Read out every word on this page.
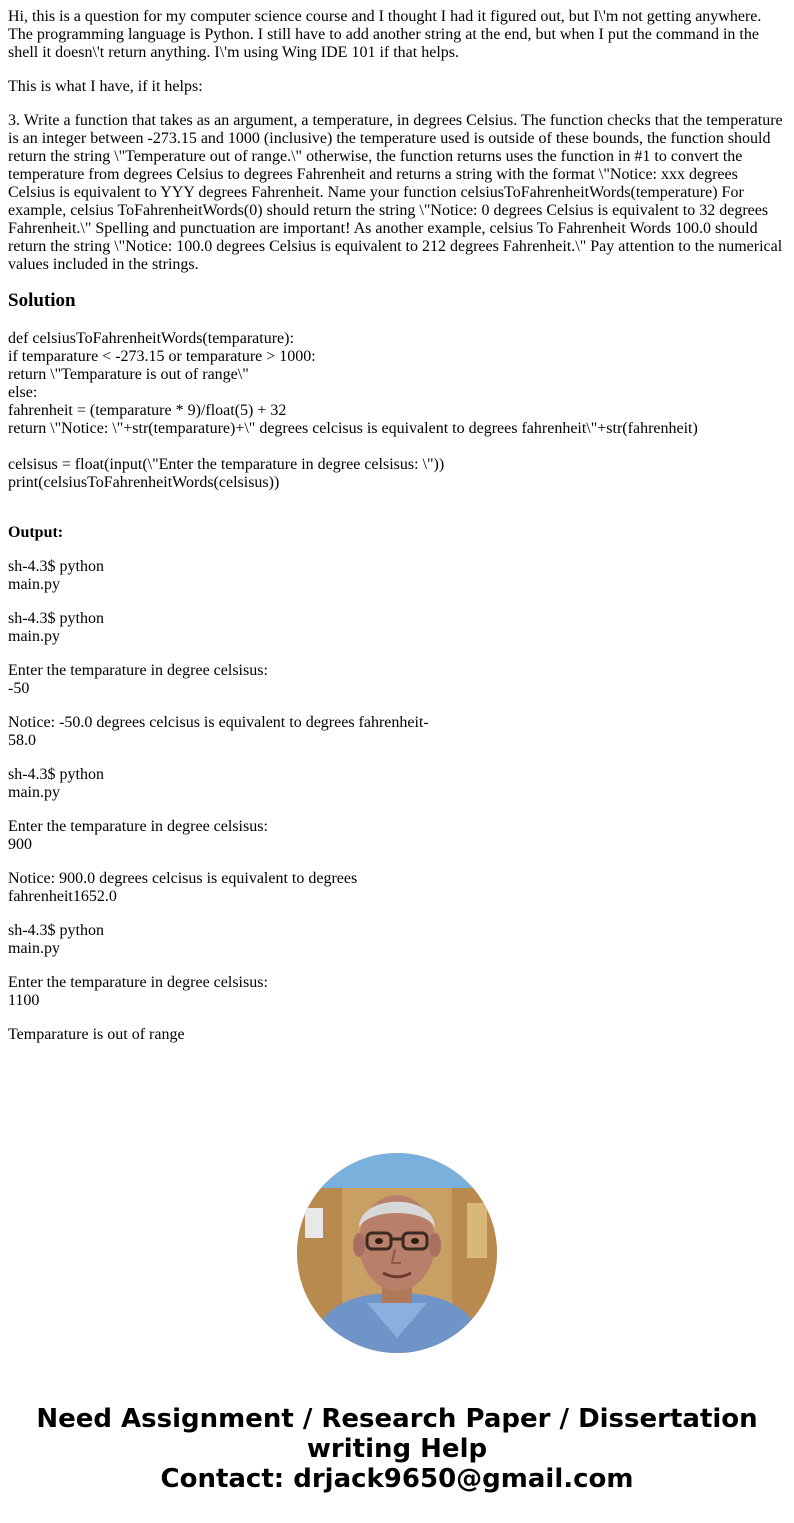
Hi, this is a question for my computer science course and I thought I had it figured out, but I\'m not getting anywhere. The programming language is Python. I still have to add another string at the end, but when I put the command in the shell it doesn\'t return anything. I\'m using Wing IDE 101 if that helps.

This is what I have, if it helps:

3. Write a function that takes as an argument, a temperature, in degrees Celsius. The function checks that the temperature is an integer between -273.15 and 1000 (inclusive) the temperature used is outside of these bounds, the function should return the string \"Temperature out of range.\" otherwise, the function returns uses the function in #1 to convert the temperature from degrees Celsius to degrees Fahrenheit and returns a string with the format \"Notice: xxx degrees Celsius is equivalent to YYY degrees Fahrenheit. Name your function celsiusToFahrenheitWords(temperature) For example, celsius ToFahrenheitWords(0) should return the string \"Notice: 0 degrees Celsius is equivalent to 32 degrees Fahrenheit.\" Spelling and punctuation are important! As another example, celsius To Fahrenheit Words 100.0 should return the string \"Notice: 100.0 degrees Celsius is equivalent to 212 degrees Fahrenheit.\" Pay attention to the numerical values included in the strings.

Solution
def celsiusToFahrenheitWords(temparature):
if temparature < -273.15 or temparature > 1000:
return \"Temparature is out of range\"
else:
fahrenheit = (temparature * 9)/float(5) + 32
return \"Notice: \"+str(temparature)+\" degrees celcisus is equivalent to degrees fahrenheit\"+str(fahrenheit)

celsisus = float(input(\"Enter the temparature in degree celsisus: \"))
print(celsiusToFahrenheitWords(celsisus))
Output:
sh-4.3$ python
main.py
sh-4.3$ python
main.py
Enter the temparature in degree celsisus:
-50
Notice: -50.0 degrees celcisus is equivalent to degrees fahrenheit-
58.0
sh-4.3$ python
main.py
Enter the temparature in degree celsisus:
900
Notice: 900.0 degrees celcisus is equivalent to degrees
fahrenheit1652.0
sh-4.3$ python
main.py
Enter the temparature in degree celsisus:
1100
Temparature is out of range
Need Assignment / Research Paper / Dissertation
writing Help
Contact: drjack9650@gmail.com
